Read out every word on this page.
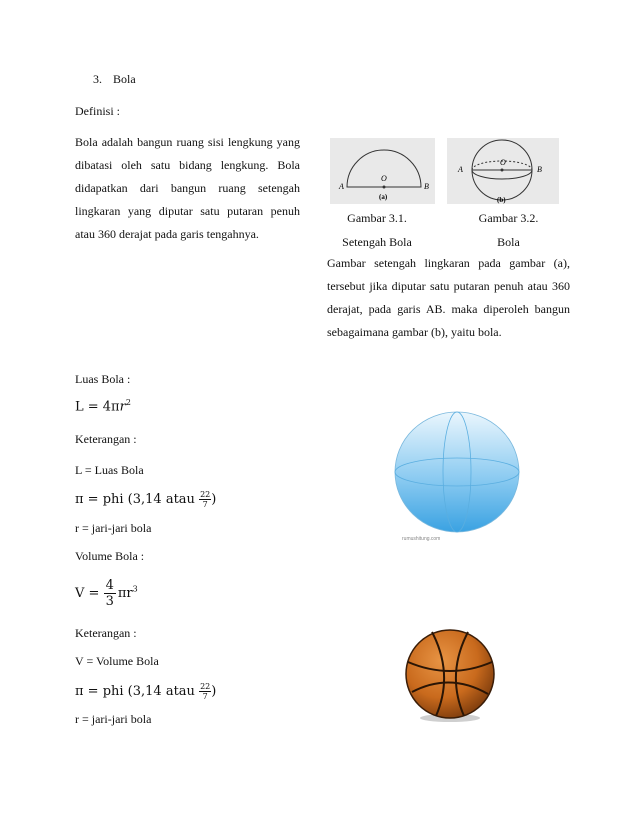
3. Bola
Definisi :
Bola adalah bangun ruang sisi lengkung yang dibatasi oleh satu bidang lengkung. Bola didapatkan dari bangun ruang setengah lingkaran yang diputar satu putaran penuh atau 360 derajat pada garis tengahnya.
A
O
B
(a)
A
O
B
(b)
Gambar 3.1.
Setengah Bola
Gambar 3.2.
Bola
Gambar setengah lingkaran pada gambar (a), tersebut jika diputar satu putaran penuh atau 360 derajat, pada garis AB. maka diperoleh bangun sebagaimana gambar (b), yaitu bola.
Luas Bola :
$L = 4\pi r^2$
Keterangan :
L = Luas Bola
π = phi (3,14 atau $\frac{22}{7}$ )
r = jari-jari bola
Volume Bola :
$V = \frac{4}{3} \pi r^3$
Keterangan :
V = Volume Bola
π = phi (3,14 atau $\frac{22}{7}$ )
r = jari-jari bola
rumushitung.com
